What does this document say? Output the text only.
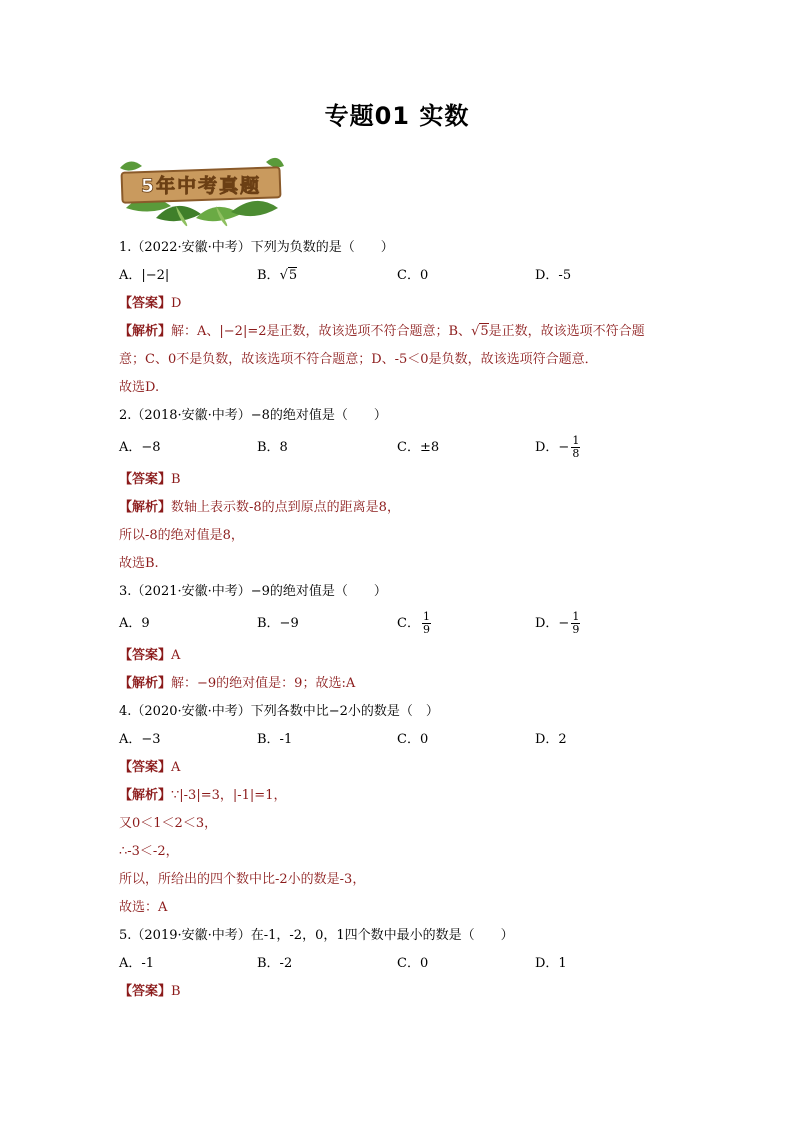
专题01 实数
5年中考真题
1.（2022·安徽·中考）下列为负数的是（　　）
A．|−2|	B．√5	C．0	D．-5
【答案】D
【解析】解：A、|−2|=2是正数，故该选项不符合题意；B、√5是正数，故该选项不符合题
意；C、0不是负数，故该选项不符合题意；D、-5＜0是负数，故该选项符合题意．
故选D.
2.（2018·安徽·中考）−8的绝对值是（　　）
A．−8	B．8	C．±8	D．− $\frac{1}{8}$
【答案】B
【解析】数轴上表示数-8的点到原点的距离是8，
所以-8的绝对值是8，
故选B.
3.（2021·安徽·中考）−9的绝对值是（　　）
A．9	B．−9	C． $\frac{1}{9}$	D．− $\frac{1}{9}$
【答案】A
【解析】解：−9的绝对值是：9；故选:A
4.（2020·安徽·中考）下列各数中比−2小的数是（　）
A．−3	B．-1	C．0	D．2
【答案】A
【解析】∵|-3|=3，|-1|=1，
又0＜1＜2＜3，
∴-3＜-2，
所以，所给出的四个数中比-2小的数是-3，
故选：A
5.（2019·安徽·中考）在-1，-2，0，1四个数中最小的数是（　　）
A．-1	B．-2	C．0	D．1
【答案】B
